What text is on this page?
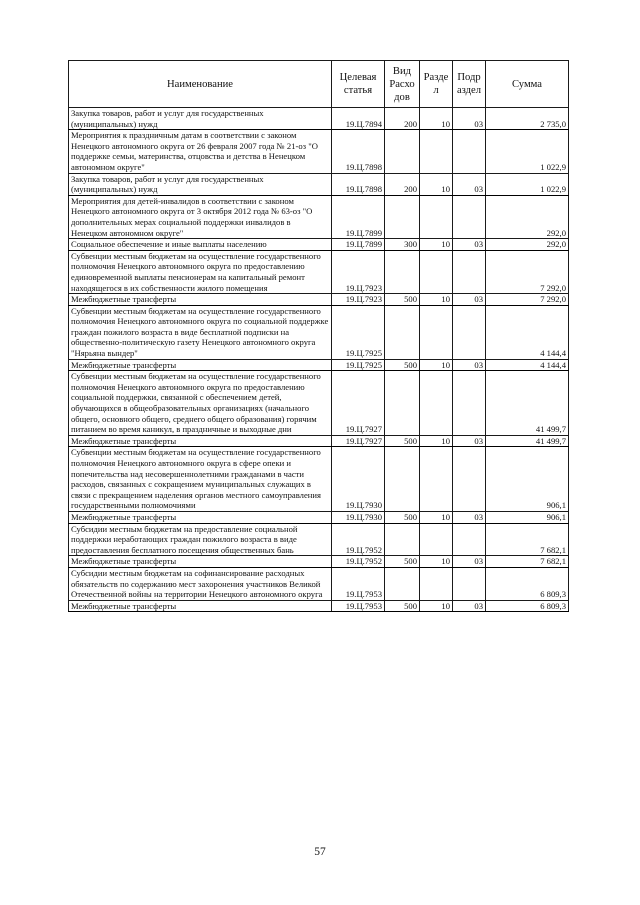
Наименование	Целевая статья	Вид Расхо дов	Разде л	Подр аздел	Сумма
Закупка товаров, работ и услуг для государственных (муниципальных) нужд	19.Ц.7894	200	10	03	2 735,0
Мероприятия к праздничным датам в соответствии с законом Ненецкого автономного округа от 26 февраля 2007 года № 21-оз "О поддержке семьи, материнства, отцовства и детства в Ненецком автономном округе"	19.Ц.7898				1 022,9
Закупка товаров, работ и услуг для государственных (муниципальных) нужд	19.Ц.7898	200	10	03	1 022,9
Мероприятия для детей-инвалидов в соответствии с законом Ненецкого автономного округа от 3 октября 2012 года № 63-оз "О дополнительных мерах социальной поддержки инвалидов в Ненецком автономном округе"	19.Ц.7899				292,0
Социальное обеспечение и иные выплаты населению	19.Ц.7899	300	10	03	292,0
Субвенции местным бюджетам на осуществление государственного полномочия Ненецкого автономного округа по предоставлению единовременной выплаты пенсионерам на капитальный ремонт находящегося в их собственности жилого помещения	19.Ц.7923				7 292,0
Межбюджетные трансферты	19.Ц.7923	500	10	03	7 292,0
Субвенции местным бюджетам на осуществление государственного полномочия Ненецкого автономного округа по социальной поддержке граждан пожилого возраста в виде бесплатной подписки на общественно-политическую газету Ненецкого автономного округа "Нярьяна вындер"	19.Ц.7925				4 144,4
Межбюджетные трансферты	19.Ц.7925	500	10	03	4 144,4
Субвенции местным бюджетам на осуществление государственного полномочия Ненецкого автономного округа по предоставлению социальной поддержки, связанной с обеспечением детей, обучающихся в общеобразовательных организациях (начального общего, основного общего, среднего общего образования) горячим питанием во время каникул, в праздничные и выходные дни	19.Ц.7927				41 499,7
Межбюджетные трансферты	19.Ц.7927	500	10	03	41 499,7
Субвенции местным бюджетам на осуществление государственного полномочия Ненецкого автономного округа в сфере опеки и попечительства над несовершеннолетними гражданами в части расходов, связанных с сокращением муниципальных служащих в связи с прекращением наделения органов местного самоуправления государственными полномочиями	19.Ц.7930				906,1
Межбюджетные трансферты	19.Ц.7930	500	10	03	906,1
Субсидии местным бюджетам на предоставление социальной поддержки неработающих граждан пожилого возраста в виде предоставления бесплатного посещения общественных бань	19.Ц.7952				7 682,1
Межбюджетные трансферты	19.Ц.7952	500	10	03	7 682,1
Субсидии местным бюджетам на софинансирование расходных обязательств по содержанию мест захоронения участников Великой Отечественной войны на территории Ненецкого автономного округа	19.Ц.7953				6 809,3
Межбюджетные трансферты	19.Ц.7953	500	10	03	6 809,3
57
